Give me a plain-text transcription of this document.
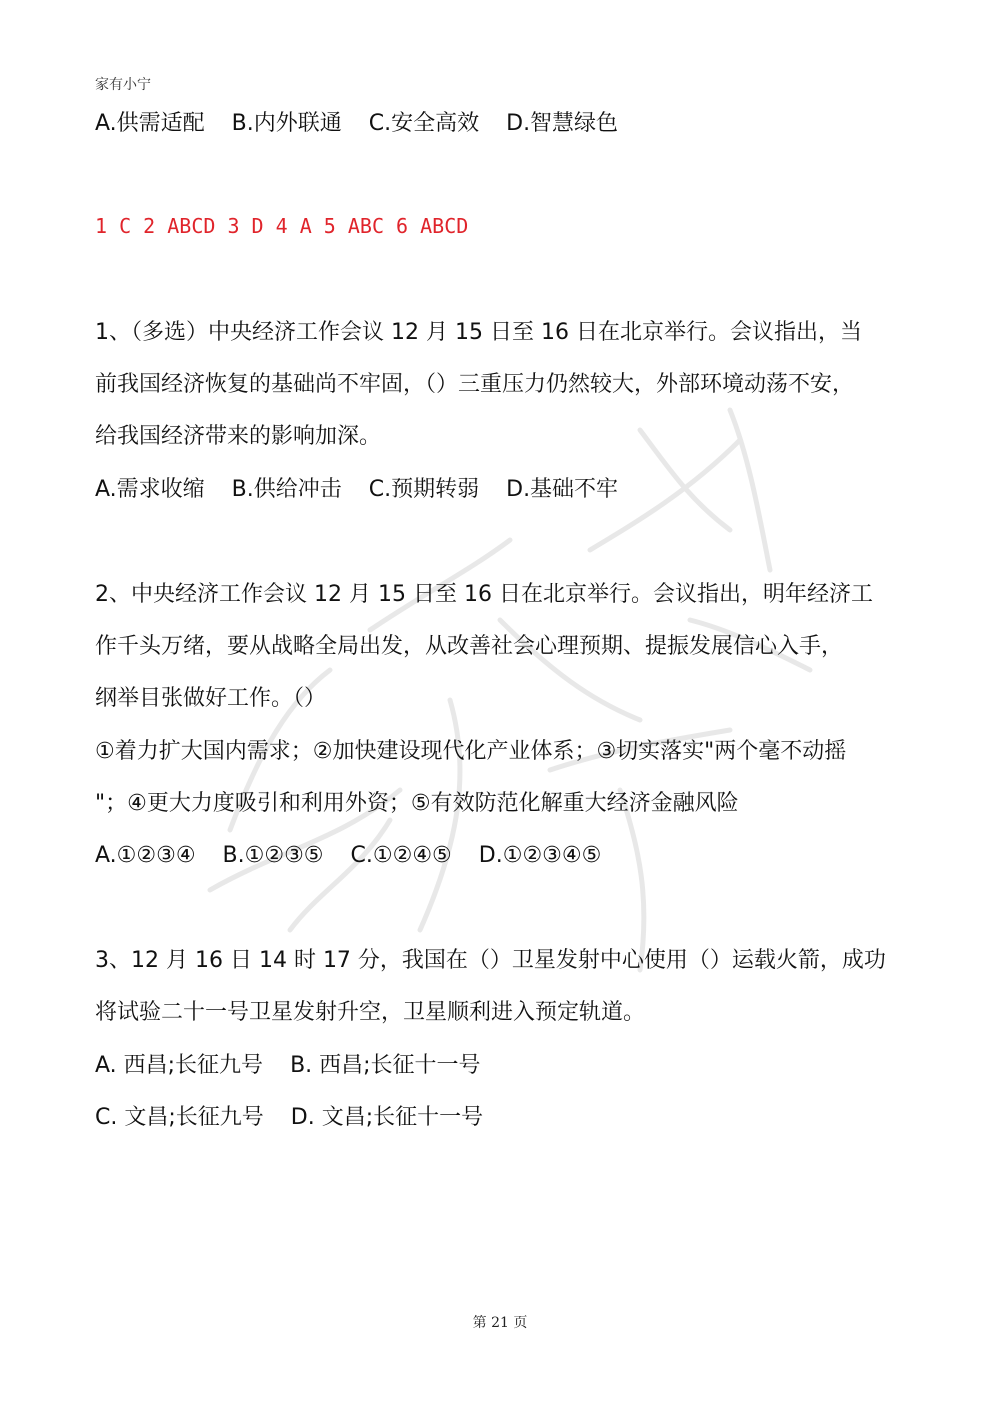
家有小宁
A.供需适配 B.内外联通 C.安全高效 D.智慧绿色
1 C 2 ABCD 3 D 4 A 5 ABC 6 ABCD
1、（多选）中央经济工作会议 12 月 15 日至 16 日在北京举行。会议指出，当
前我国经济恢复的基础尚不牢固，（）三重压力仍然较大，外部环境动荡不安，
给我国经济带来的影响加深。
A.需求收缩 B.供给冲击 C.预期转弱 D.基础不牢
2、中央经济工作会议 12 月 15 日至 16 日在北京举行。会议指出，明年经济工
作千头万绪，要从战略全局出发，从改善社会心理预期、提振发展信心入手，
纲举目张做好工作。（）
①着力扩大国内需求；②加快建设现代化产业体系；③切实落实"两个毫不动摇
"；④更大力度吸引和利用外资；⑤有效防范化解重大经济金融风险
A.①②③④ B.①②③⑤ C.①②④⑤ D.①②③④⑤
3、12 月 16 日 14 时 17 分，我国在（）卫星发射中心使用（）运载火箭，成功
将试验二十一号卫星发射升空，卫星顺利进入预定轨道。
A. 西昌;长征九号 B. 西昌;长征十一号
C. 文昌;长征九号 D. 文昌;长征十一号
第 21 页
